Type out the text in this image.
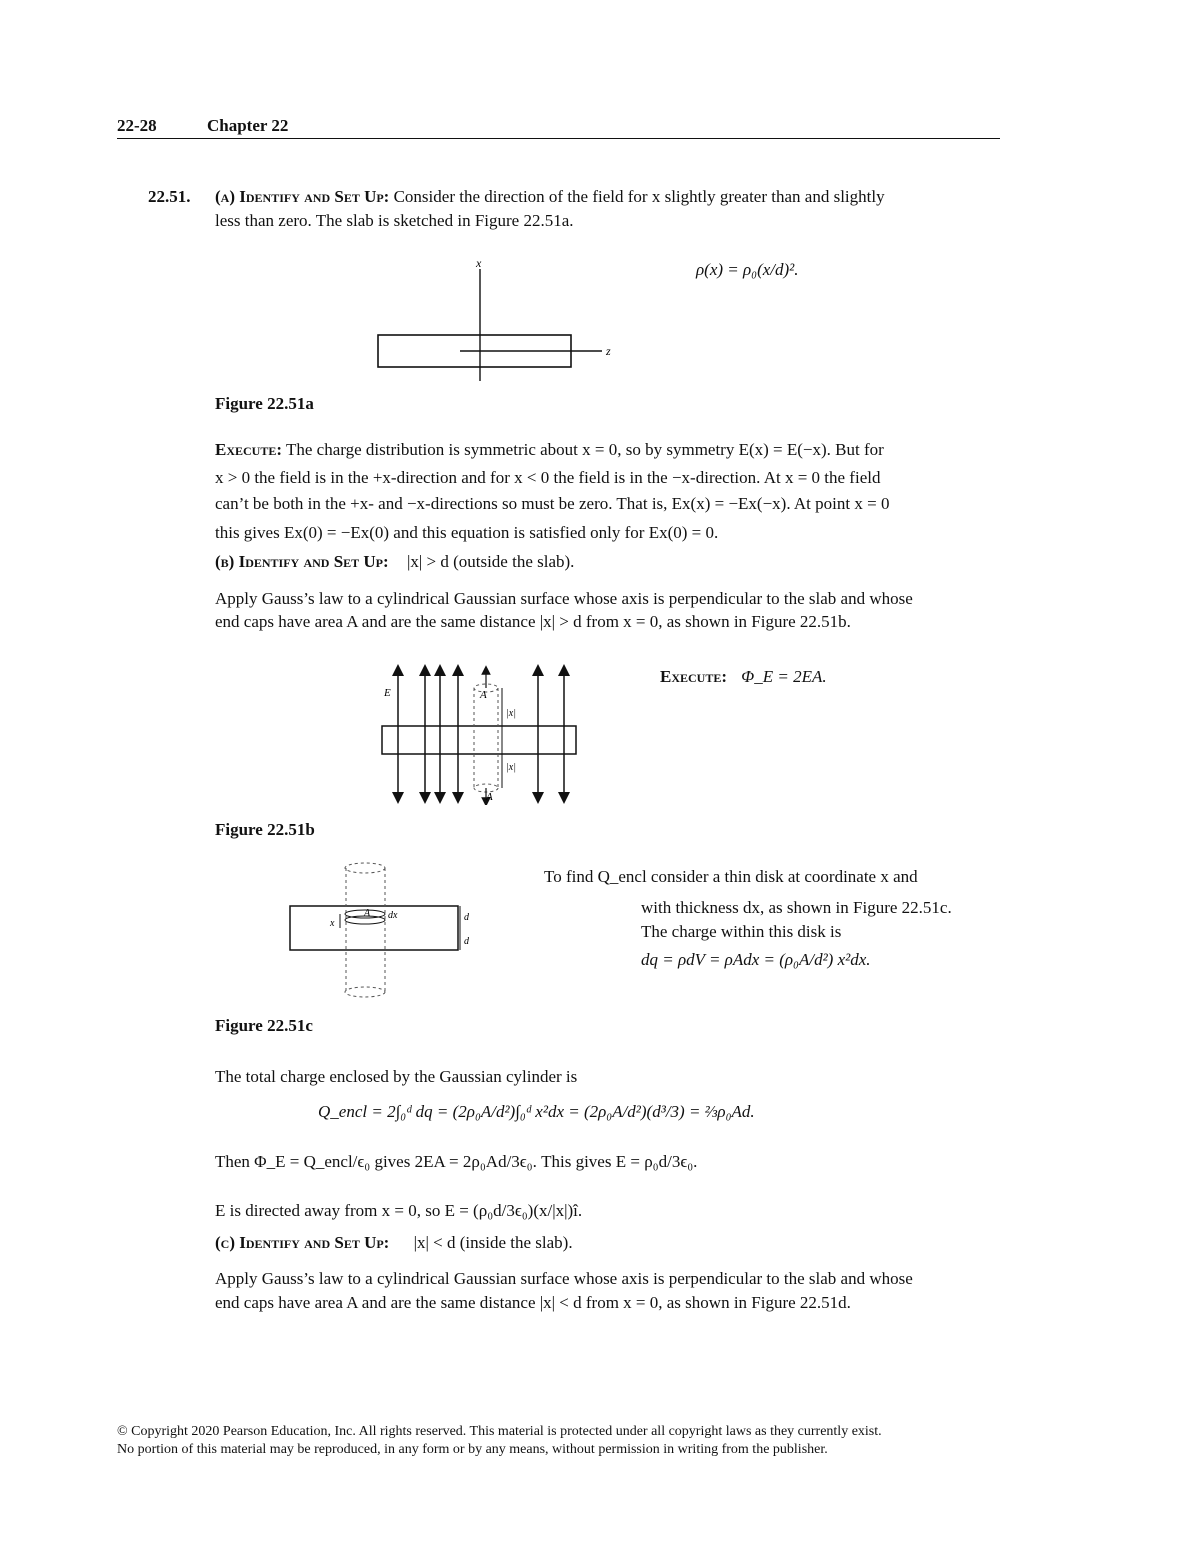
22-28	Chapter 22
22.51. (a) Identify and Set Up: Consider the direction of the field for x slightly greater than and slightly
less than zero. The slab is sketched in Figure 22.51a.
x
z
ρ(x) = ρ₀(x/d)².
Figure 22.51a
Execute: The charge distribution is symmetric about x = 0, so by symmetry E(x) = E(−x). But for
x > 0 the field is in the +x-direction and for x < 0 the field is in the −x-direction. At x = 0 the field
can’t be both in the +x- and −x-directions so must be zero. That is, Ex(x) = −Ex(−x). At point x = 0
this gives Ex(0) = −Ex(0) and this equation is satisfied only for Ex(0) = 0.
(b) Identify and Set Up: |x| > d (outside the slab).
Apply Gauss’s law to a cylindrical Gaussian surface whose axis is perpendicular to the slab and whose
end caps have area A and are the same distance |x| > d from x = 0, as shown in Figure 22.51b.
E	A
A
|x|
|x|
Execute: Φ_E = 2EA.
Figure 22.51b
x
A dx	d
d
To find Q_encl consider a thin disk at coordinate x and
with thickness dx, as shown in Figure 22.51c.
The charge within this disk is
dq = ρdV = ρAdx = (ρ₀A/d²) x²dx.
Figure 22.51c
The total charge enclosed by the Gaussian cylinder is
Q_encl = 2∫₀ᵈ dq = (2ρ₀A/d²)∫₀ᵈ x²dx = (2ρ₀A/d²)(d³/3) = ⅔ρ₀Ad.
Then Φ_E = Q_encl/ϵ₀ gives 2EA = 2ρ₀Ad/3ϵ₀. This gives E = ρ₀d/3ϵ₀.
E is directed away from x = 0, so E = (ρ₀d/3ϵ₀)(x/|x|)î.
(c) Identify and Set Up: |x| < d (inside the slab).
Apply Gauss’s law to a cylindrical Gaussian surface whose axis is perpendicular to the slab and whose
end caps have area A and are the same distance |x| < d from x = 0, as shown in Figure 22.51d.
© Copyright 2020 Pearson Education, Inc. All rights reserved. This material is protected under all copyright laws as they currently exist.
No portion of this material may be reproduced, in any form or by any means, without permission in writing from the publisher.
